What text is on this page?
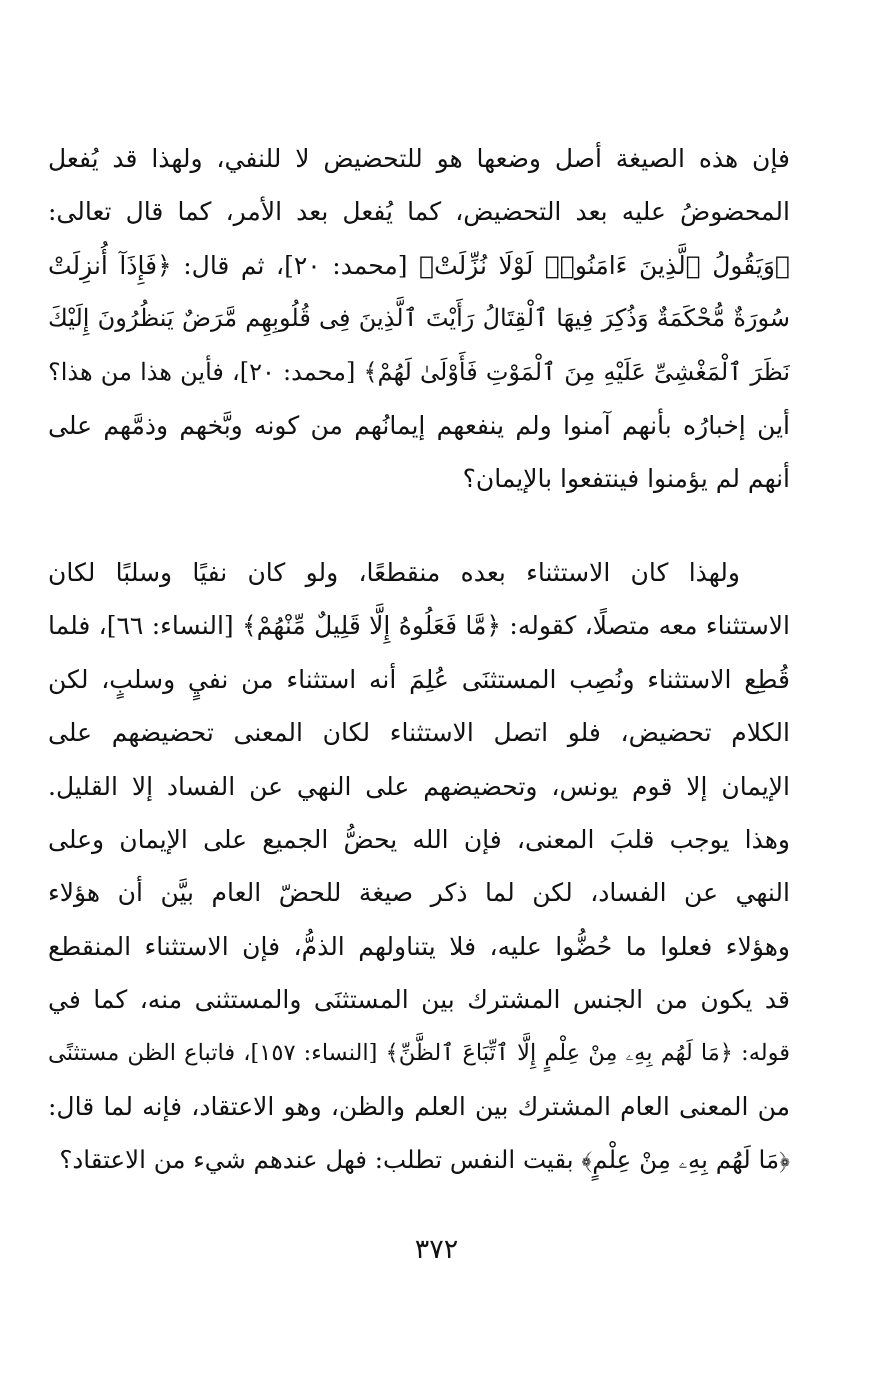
فإن هذه الصيغة أصل وضعها هو للتحضيض لا للنفي، ولهذا قد يُفعل
المحضوضُ عليه بعد التحضيض، كما يُفعل بعد الأمر، كما قال تعالى:
﴿وَيَقُولُ ٱلَّذِينَ ءَامَنُوا۟ لَوْلَا نُزِّلَتْ﴾ [محمد: ٢٠]، ثم قال: ﴿فَإِذَآ أُنزِلَتْ
سُورَةٌ مُّحْكَمَةٌ وَذُكِرَ فِيهَا ٱلْقِتَالُ رَأَيْتَ ٱلَّذِينَ فِى قُلُوبِهِم مَّرَضٌ يَنظُرُونَ إِلَيْكَ
نَظَرَ ٱلْمَغْشِىِّ عَلَيْهِ مِنَ ٱلْمَوْتِ فَأَوْلَىٰ لَهُمْ﴾ [محمد: ٢٠]، فأين هذا من هذا؟
أين إخبارُه بأنهم آمنوا ولم ينفعهم إيمانُهم من كونه وبَّخهم وذمَّهم على
أنهم لم يؤمنوا فينتفعوا بالإيمان؟
ولهذا كان الاستثناء بعده منقطعًا، ولو كان نفيًا وسلبًا لكان
الاستثناء معه متصلًا، كقوله: ﴿مَّا فَعَلُوهُ إِلَّا قَلِيلٌ مِّنْهُمْ﴾ [النساء: ٦٦]، فلما
قُطِع الاستثناء ونُصِب المستثنَى عُلِمَ أنه استثناء من نفيٍ وسلبٍ، لكن
الكلام تحضيض، فلو اتصل الاستثناء لكان المعنى تحضيضهم على
الإيمان إلا قوم يونس، وتحضيضهم على النهي عن الفساد إلا القليل.
وهذا يوجب قلبَ المعنى، فإن الله يحضُّ الجميع على الإيمان وعلى
النهي عن الفساد، لكن لما ذكر صيغة للحضّ العام بيَّن أن هؤلاء
وهؤلاء فعلوا ما حُضُّوا عليه، فلا يتناولهم الذمُّ، فإن الاستثناء المنقطع
قد يكون من الجنس المشترك بين المستثنَى والمستثنى منه، كما في
قوله: ﴿مَا لَهُم بِهِۦ مِنْ عِلْمٍ إِلَّا ٱتِّبَاعَ ٱلظَّنِّ﴾ [النساء: ١٥٧]، فاتباع الظن مستثنًى
من المعنى العام المشترك بين العلم والظن، وهو الاعتقاد، فإنه لما قال:
﴿مَا لَهُم بِهِۦ مِنْ عِلْمٍ﴾ بقيت النفس تطلب: فهل عندهم شيء من الاعتقاد؟
٣٧٢
